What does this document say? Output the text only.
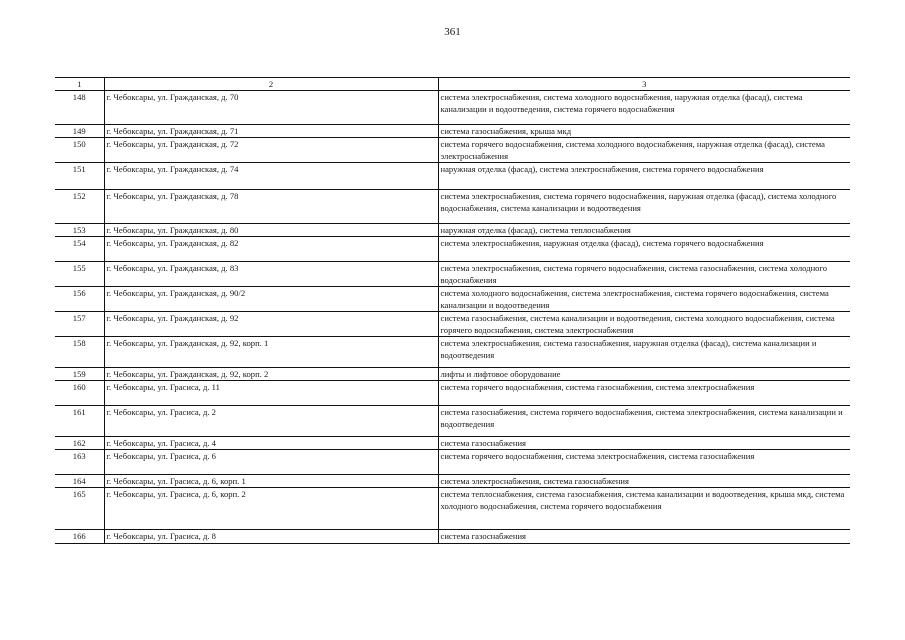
361
1	2	3
148	г. Чебоксары, ул. Гражданская, д. 70	система электроснабжения, система холодного водоснабжения, наружная отделка (фасад), система канализации и водоотведения, система горячего водоснабжения
149	г. Чебоксары, ул. Гражданская, д. 71	система газоснабжения, крыша мкд
150	г. Чебоксары, ул. Гражданская, д. 72	система горячего водоснабжения, система холодного водоснабжения, наружная отделка (фасад), система электроснабжения
151	г. Чебоксары, ул. Гражданская, д. 74	наружная отделка (фасад), система электроснабжения, система горячего водоснабжения
152	г. Чебоксары, ул. Гражданская, д. 78	система электроснабжения, система горячего водоснабжения, наружная отделка (фасад), система холодного водоснабжения, система канализации и водоотведения
153	г. Чебоксары, ул. Гражданская, д. 80	наружная отделка (фасад), система теплоснабжения
154	г. Чебоксары, ул. Гражданская, д. 82	система электроснабжения, наружная отделка (фасад), система горячего водоснабжения
155	г. Чебоксары, ул. Гражданская, д. 83	система электроснабжения, система горячего водоснабжения, система газоснабжения, система холодного водоснабжения
156	г. Чебоксары, ул. Гражданская, д. 90/2	система холодного водоснабжения, система электроснабжения, система горячего водоснабжения, система канализации и водоотведения
157	г. Чебоксары, ул. Гражданская, д. 92	система газоснабжения, система канализации и водоотведения, система холодного водоснабжения, система горячего водоснабжения, система электроснабжения
158	г. Чебоксары, ул. Гражданская, д. 92, корп. 1	система электроснабжения, система газоснабжения, наружная отделка (фасад), система канализации и водоотведения
159	г. Чебоксары, ул. Гражданская, д. 92, корп. 2	лифты и лифтовое оборудование
160	г. Чебоксары, ул. Грасиса, д. 11	система горячего водоснабжения, система газоснабжения, система электроснабжения
161	г. Чебоксары, ул. Грасиса, д. 2	система газоснабжения, система горячего водоснабжения, система электроснабжения, система канализации и водоотведения
162	г. Чебоксары, ул. Грасиса, д. 4	система газоснабжения
163	г. Чебоксары, ул. Грасиса, д. 6	система горячего водоснабжения, система электроснабжения, система газоснабжения
164	г. Чебоксары, ул. Грасиса, д. 6, корп. 1	система электроснабжения, система газоснабжения
165	г. Чебоксары, ул. Грасиса, д. 6, корп. 2	система теплоснабжения, система газоснабжения, система канализации и водоотведения, крыша мкд, система холодного водоснабжения, система горячего водоснабжения
166	г. Чебоксары, ул. Грасиса, д. 8	система газоснабжения
